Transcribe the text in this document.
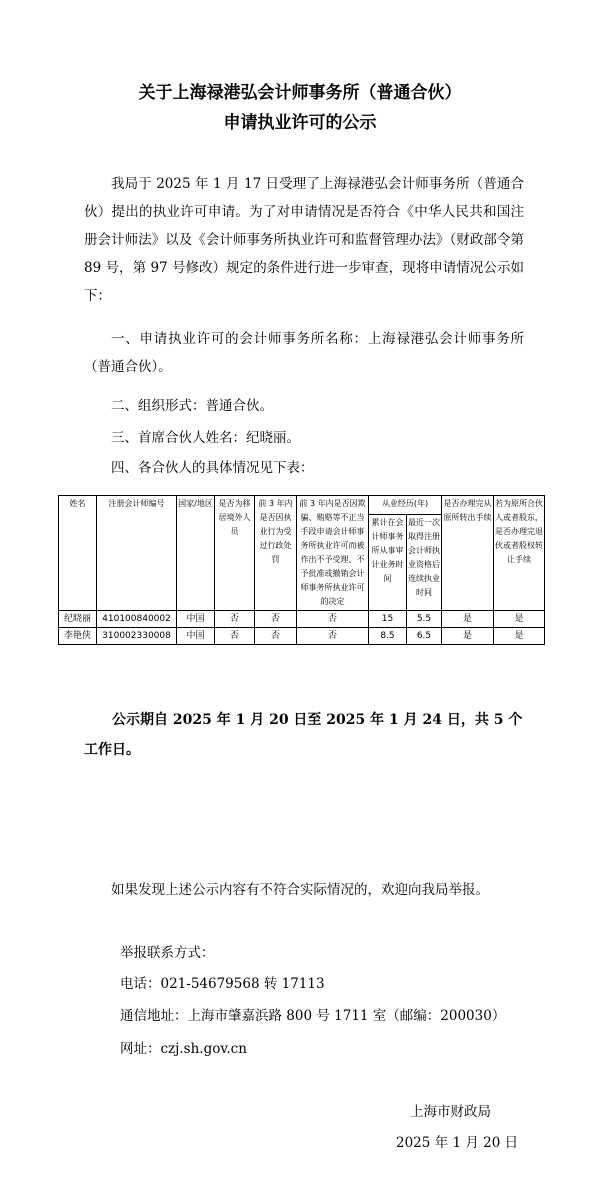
关于上海禄港弘会计师事务所（普通合伙）
申请执业许可的公示
我局于 2025 年 1 月 17 日受理了上海禄港弘会计师事务所（普通合伙）提出的执业许可申请。为了对申请情况是否符合《中华人民共和国注册会计师法》以及《会计师事务所执业许可和监督管理办法》（财政部令第 89 号，第 97 号修改）规定的条件进行进一步审查，现将申请情况公示如下：
一、申请执业许可的会计师事务所名称：上海禄港弘会计师事务所（普通合伙）。
二、组织形式：普通合伙。
三、首席合伙人姓名：纪晓丽。
四、各合伙人的具体情况见下表：
姓名	注册会计师编号	国家/地区	是否为移居境外人员	前 3 年内是否因执业行为受过行政处罚	前 3 年内是否因欺骗、贿赂等不正当手段申请会计师事务所执业许可而被作出不予受理、不予批准或撤销会计师事务所执业许可的决定	从业经历(年)		是否办理完从原所转出手续	若为原所合伙人或者股东，是否办理完退伙或者股权转让手续
						累计在会计师事务所从事审计业务时间	最近一次取得注册会计师执业资格后连续执业时间		
纪晓丽	410100840002	中国	否	否	否	15	5.5	是	是
李艳侠	310002330008	中国	否	否	否	8.5	6.5	是	是
公示期自 2025 年 1 月 20 日至 2025 年 1 月 24 日，共 5 个工作日。
如果发现上述公示内容有不符合实际情况的，欢迎向我局举报。
举报联系方式：
电话：021-54679568 转 17113
通信地址：上海市肇嘉浜路 800 号 1711 室（邮编：200030）
网址：czj.sh.gov.cn
上海市财政局
2025 年 1 月 20 日
